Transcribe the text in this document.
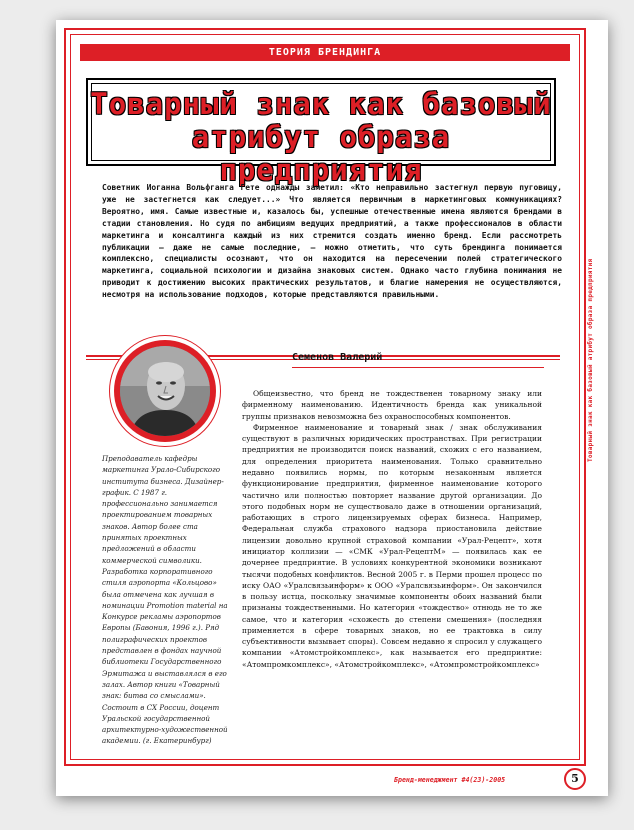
ТЕОРИЯ БРЕНДИНГА
Товарный знак как базовый
атрибут образа предприятия

Советник Иоганна Вольфганга Гете однажды заметил: «Кто неправильно застегнул первую пуговицу, уже не застегнется как следует...» Что является первичным в маркетинговых коммуникациях? Вероятно, имя. Самые известные и, казалось бы, успешные отечественные имена являются брендами в стадии становления. Но судя по амбициям ведущих предприятий, а также профессионалов в области маркетинга и консалтинга каждый из них стремится создать именно бренд. Если рассмотреть публикации — даже не самые последние, — можно отметить, что суть брендинга понимается комплексно, специалисты осознают, что он находится на пересечении полей стратегического маркетинга, социальной психологии и дизайна знаковых систем. Однако часто глубина понимания не приводит к достижению высоких практических результатов, и благие намерения не осуществляются, несмотря на использование подходов, которые представляются правильными.

Семенов Валерий

Преподаватель кафедры маркетинга Урало-Сибирского института бизнеса. Дизайнер-график. С 1987 г. профессионально занимается проектированием товарных знаков. Автор более ста принятых проектных предложений в области коммерческой символики. Разработка корпоративного стиля аэропорта «Кольцово» была отмечена как лучшая в номинации Promotion material на Конкурсе рекламы аэропортов Европы (Бавония, 1996 г.). Ряд полиграфических проектов представлен в фондах научной библиотеки Государственного Эрмитажа и выставлялся в его залах. Автор книги «Товарный знак: битва со смыслами». Состоит в СХ России, доцент Уральской государственной архитектурно-художественной академии. (г. Екатеринбург)

Общеизвестно, что бренд не тождественен товарному знаку или фирменному наименованию. Идентичность бренда как уникальной группы признаков невозможна без охраноспособных компонентов.

Фирменное наименование и товарный знак / знак обслуживания существуют в различных юридических пространствах. При регистрации предприятия не производится поиск названий, схожих с его названием, для определения приоритета наименования. Только сравнительно недавно появились нормы, по которым незаконным является функционирование предприятия, фирменное наименование которого частично или полностью повторяет название другой организации. До этого подобных норм не существовало даже в отношении организаций, работающих в строго лицензируемых сферах бизнеса. Например, Федеральная служба страхового надзора приостановила действие лицензии довольно крупной страховой компании «Урал-Рецепт», хотя инициатор коллизии — «СМК «Урал-РецептМ» — появилась как ее дочернее предприятие. В условиях конкурентной экономики возникают тысячи подобных конфликтов. Весной 2005 г. в Перми прошел процесс по иску ОАО «Уралсвязьинформ» к ООО «Уралсвязьинформ». Он закончился в пользу истца, поскольку значимые компоненты обоих названий были признаны тождественными. Но категория «тождество» отнюдь не то же самое, что и категория «схожесть до степени смешения» (последняя применяется в сфере товарных знаков, но ее трактовка в силу субъективности вызывает споры). Совсем недавно я спросил у служащего компании «Атомстройкомплекс», как называется его предприятие: «Атомпромкомплекс», «Атомстройкомплекс», «Атомпромстройкомплекс»

Товарный знак как базовый атрибут образа предприятия
Бренд-менеджмент #4(23)-2005	5
